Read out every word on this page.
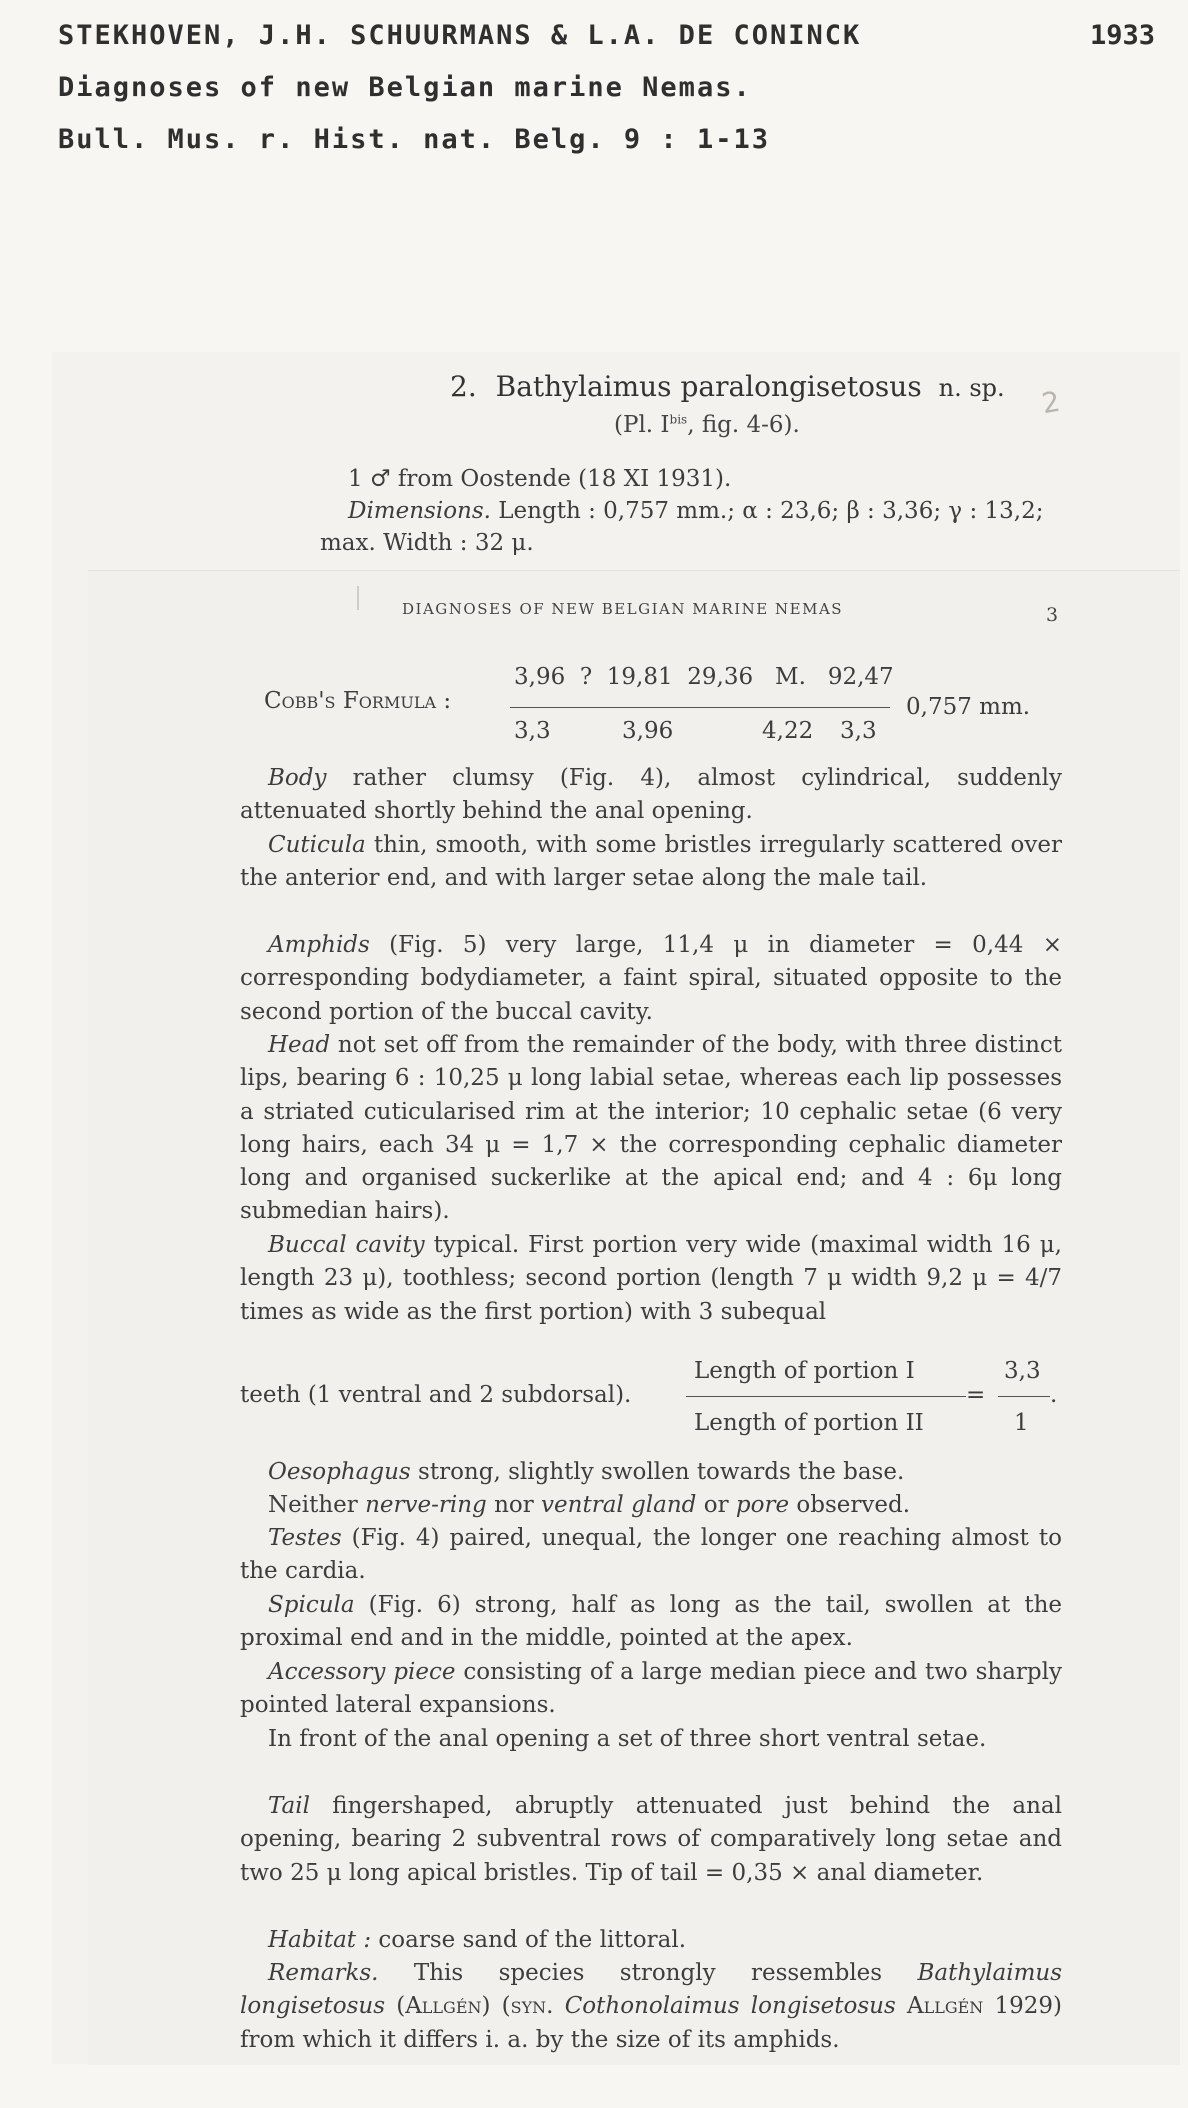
STEKHOVEN, J.H. SCHUURMANS & L.A. DE CONINCK	1933
Diagnoses of new Belgian marine Nemas.
Bull. Mus. r. Hist. nat. Belg. 9 : 1-13
2. Bathylaimus paralongisetosus n. sp.
(Pl. $I^{bis}$, fig. 4-6).
2
1 ♂ from Oostende (18 XI 1931).
Dimensions. Length : 0,757 mm.; α : 23,6; β : 3,36; γ : 13,2;
max. Width : 32 μ.
DIAGNOSES OF NEW BELGIAN MARINE NEMAS	3
Cobb's Formula :
3,96  ?  19,81  29,36   M.   92,47
3,3	3,96	4,22 3,3
0,757 mm.
Body rather clumsy (Fig. 4), almost cylindrical, suddenly attenuated shortly behind the anal opening.
Cuticula thin, smooth, with some bristles irregularly scattered over the anterior end, and with larger setae along the male tail.
Amphids (Fig. 5) very large, 11,4 μ in diameter = 0,44 × corresponding bodydiameter, a faint spiral, situated opposite to the second portion of the buccal cavity.
Head not set off from the remainder of the body, with three distinct lips, bearing 6 : 10,25 μ long labial setae, whereas each lip possesses a striated cuticularised rim at the interior; 10 cephalic setae (6 very long hairs, each 34 μ = 1,7 × the corresponding cephalic diameter long and organised suckerlike at the apical end; and 4 : 6μ long submedian hairs).
Buccal cavity typical. First portion very wide (maximal width 16 μ, length 23 μ), toothless; second portion (length 7 μ width 9,2 μ = 4/7 times as wide as the first portion) with 3 subequal
teeth (1 ventral and 2 subdorsal).
Length of portion I
Length of portion II
=
3,3
1
.
Oesophagus strong, slightly swollen towards the base.
Neither nerve-ring nor ventral gland or pore observed.
Testes (Fig. 4) paired, unequal, the longer one reaching almost to the cardia.
Spicula (Fig. 6) strong, half as long as the tail, swollen at the proximal end and in the middle, pointed at the apex.
Accessory piece consisting of a large median piece and two sharply pointed lateral expansions.
In front of the anal opening a set of three short ventral setae.
Tail fingershaped, abruptly attenuated just behind the anal opening, bearing 2 subventral rows of comparatively long setae and two 25 μ long apical bristles. Tip of tail = 0,35 × anal diameter.
Habitat : coarse sand of the littoral.
Remarks. This species strongly ressembles Bathylaimus longisetosus (Allgén) (syn. Cothonolaimus longisetosus Allgén 1929) from which it differs i. a. by the size of its amphids.
